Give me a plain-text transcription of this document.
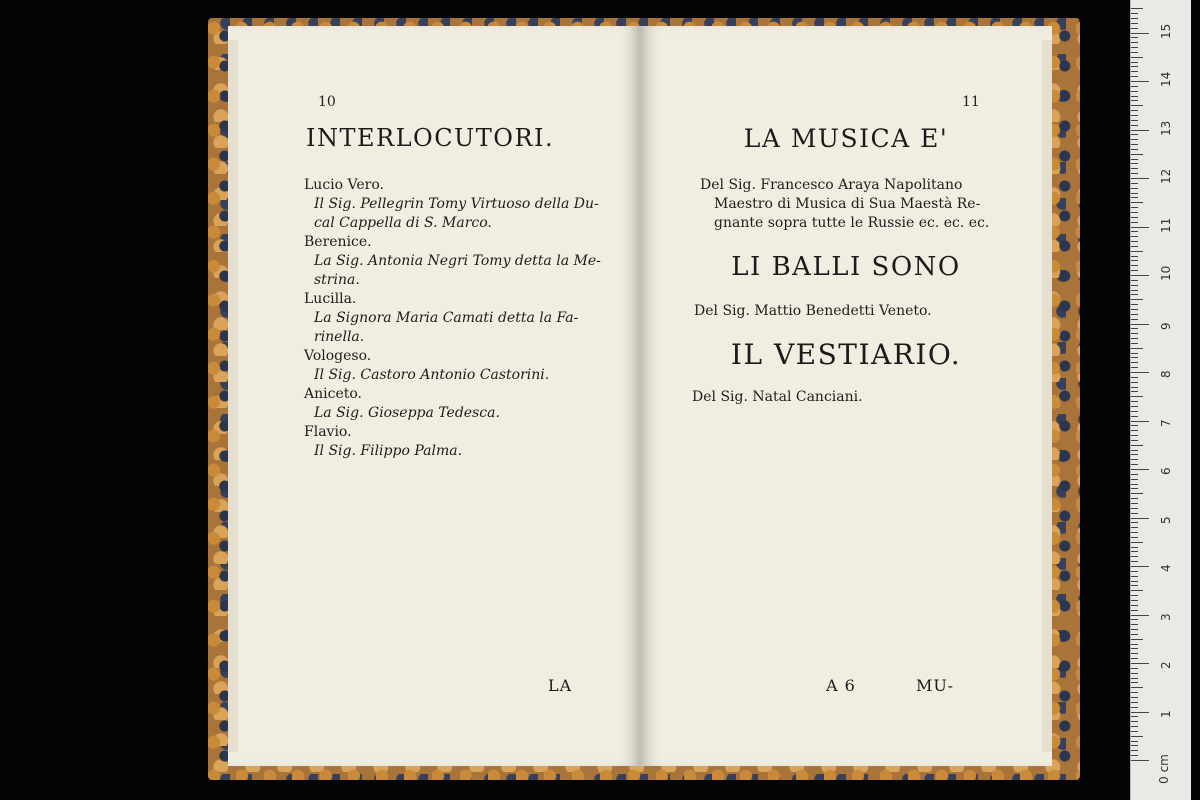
10
INTERLOCUTORI.
Lucio Vero.
Il Sig. Pellegrin Tomy Virtuoso della Du-
cal Cappella di S. Marco.
Berenice.
La Sig. Antonia Negri Tomy detta la Me-
strina.
Lucilla.
La Signora Maria Camati detta la Fa-
rinella.
Vologeso.
Il Sig. Castoro Antonio Castorini.
Aniceto.
La Sig. Gioseppa Tedesca.
Flavio.
Il Sig. Filippo Palma.
LA
11
LA MUSICA E'
Del Sig. Francesco Araya Napolitano
Maestro di Musica di Sua Maestà Re-
gnante sopra tutte le Russie ec. ec. ec.
LI BALLI SONO
Del Sig. Mattio Benedetti Veneto.
IL VESTIARIO.
Del Sig. Natal Canciani.
A 6	MU-
0 cm
1
2
3
4
5
6
7
8
9
10
11
12
13
14
15
